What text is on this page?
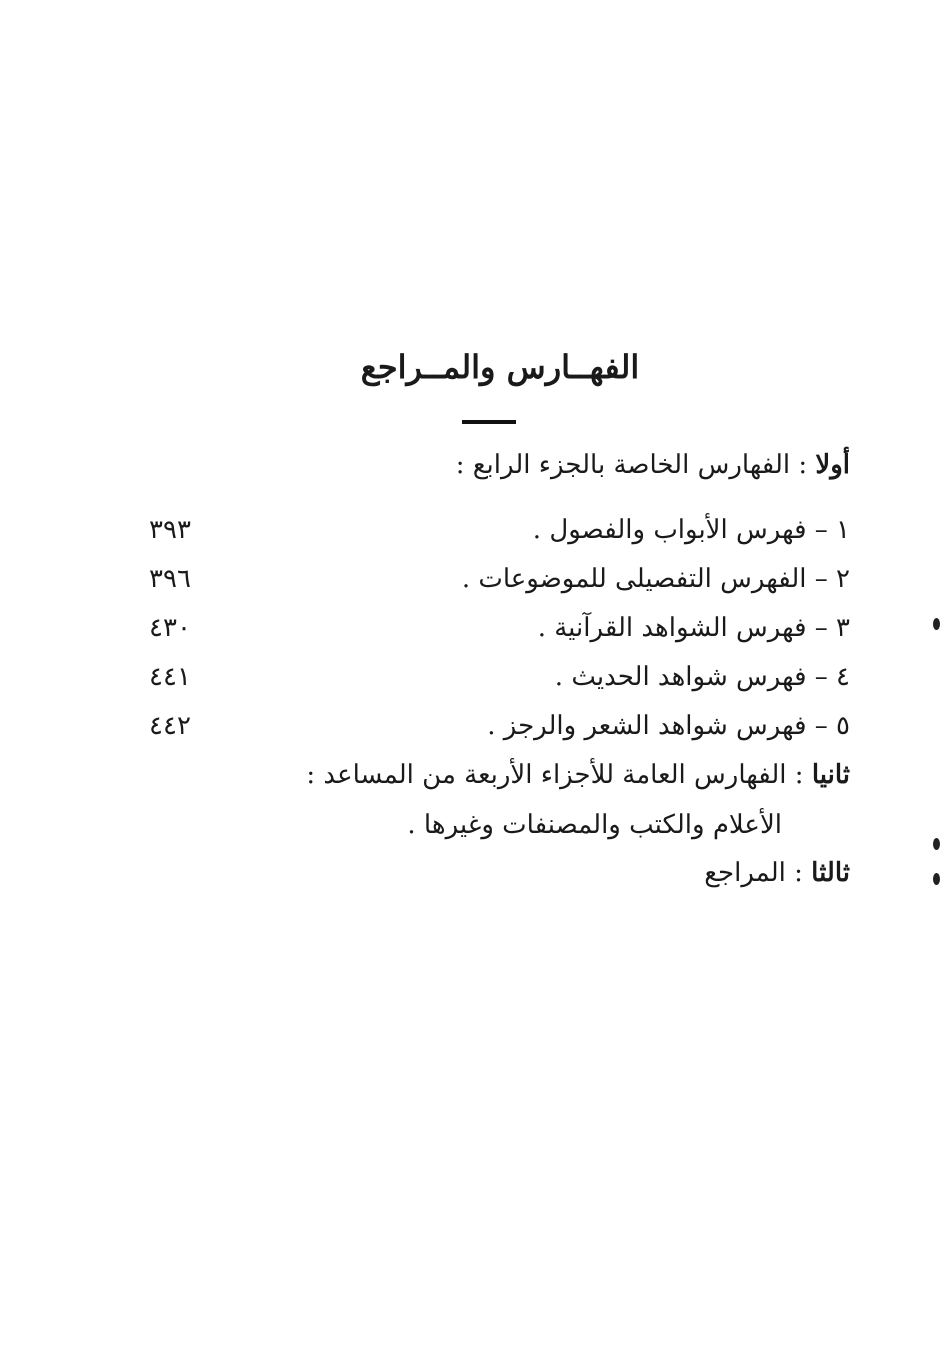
الفهــارس والمــراجع
أولا : الفهارس الخاصة بالجزء الرابع :
٣٩٣	١ – فهرس الأبواب والفصول .
٣٩٦	٢ – الفهرس التفصيلى للموضوعات .
٤٣٠	٣ – فهرس الشواهد القرآنية .
٤٤١	٤ – فهرس شواهد الحديث .
٤٤٢	٥ – فهرس شواهد الشعر والرجز .
ثانيا : الفهارس العامة للأجزاء الأربعة من المساعد :
الأعلام والكتب والمصنفات وغيرها .
ثالثا : المراجع
